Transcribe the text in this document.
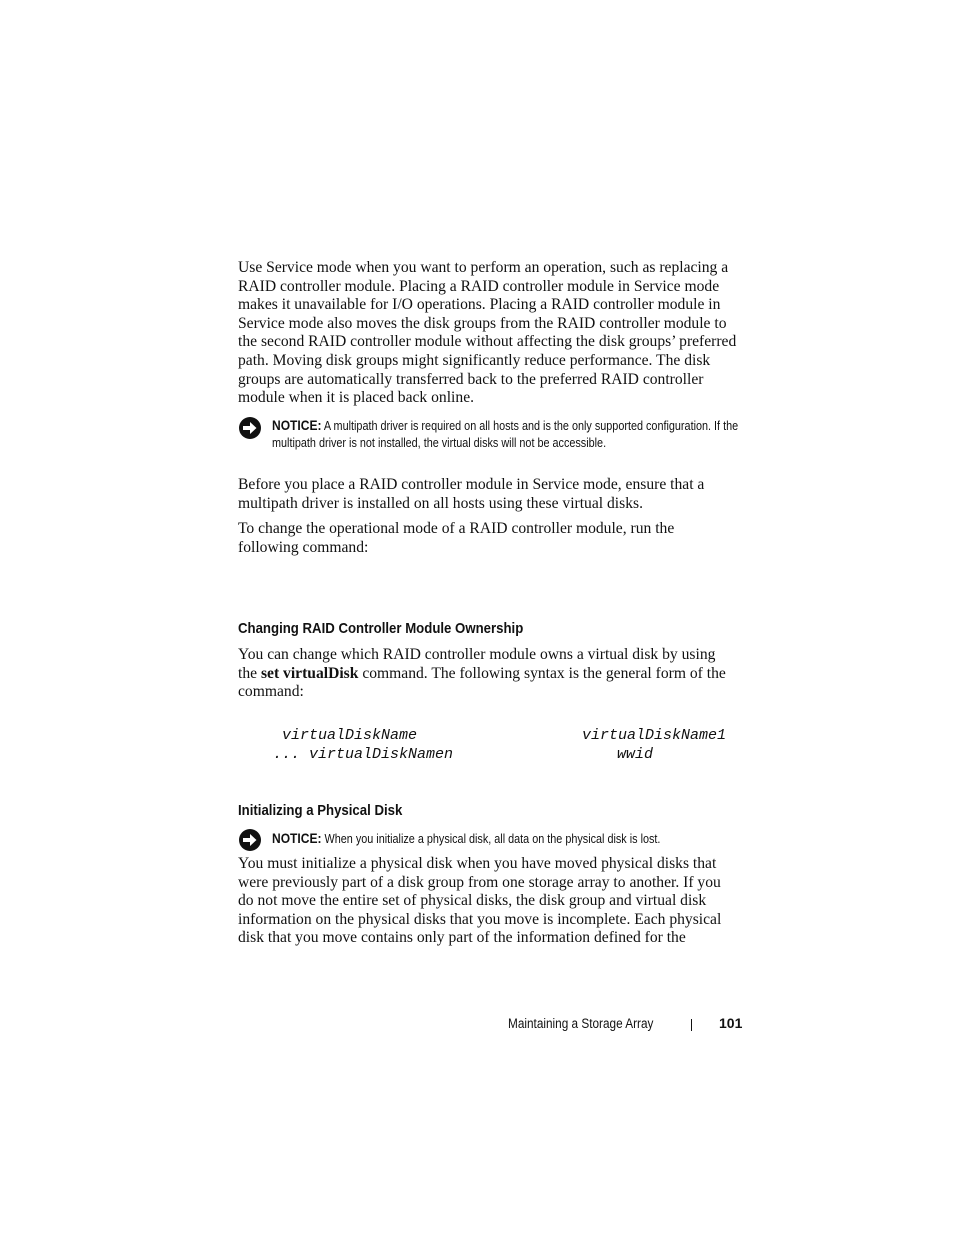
Use Service mode when you want to perform an operation, such as replacing a RAID controller module. Placing a RAID controller module in Service mode makes it unavailable for I/O operations. Placing a RAID controller module in Service mode also moves the disk groups from the RAID controller module to the second RAID controller module without affecting the disk groups’ preferred path. Moving disk groups might significantly reduce performance. The disk groups are automatically transferred back to the preferred RAID controller module when it is placed back online.

NOTICE: A multipath driver is required on all hosts and is the only supported configuration. If the multipath driver is not installed, the virtual disks will not be accessible.

Before you place a RAID controller module in Service mode, ensure that a multipath driver is installed on all hosts using these virtual disks.

To change the operational mode of a RAID controller module, run the following command:

Changing RAID Controller Module Ownership

You can change which RAID controller module owns a virtual disk by using the set virtualDisk command. The following syntax is the general form of the command:

virtualDiskName	virtualDiskName1
... virtualDiskNamen	wwid
Initializing a Physical Disk

NOTICE: When you initialize a physical disk, all data on the physical disk is lost.

You must initialize a physical disk when you have moved physical disks that were previously part of a disk group from one storage array to another. If you do not move the entire set of physical disks, the disk group and virtual disk information on the physical disks that you move is incomplete. Each physical disk that you move contains only part of the information defined for the

Maintaining a Storage Array	101
